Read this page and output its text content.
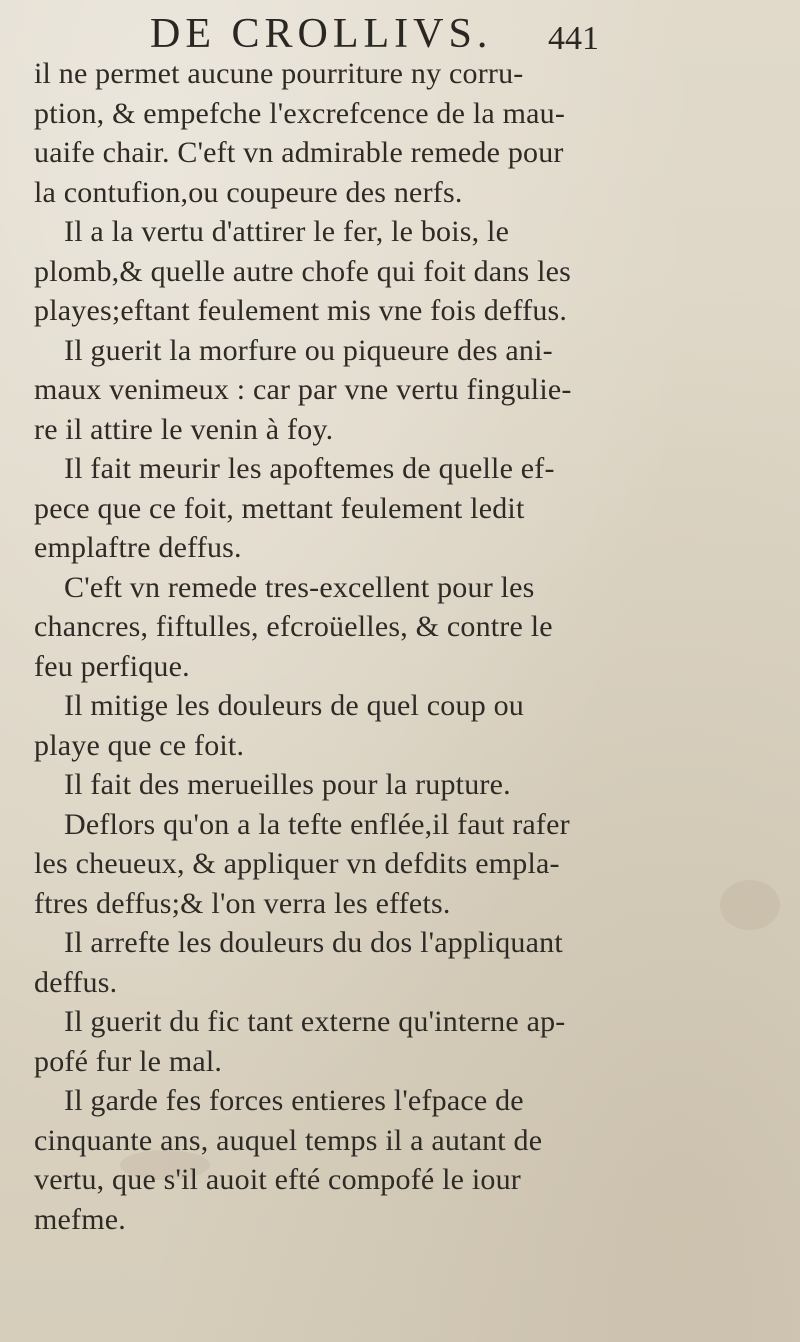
DE CROLLIVS. 441
il ne permet aucune pourriture ny corru-
ption, & empefche l'excrefcence de la mau-
uaife chair. C'eft vn admirable remede pour
la contufion,ou coupeure des nerfs.
Il a la vertu d'attirer le fer, le bois, le
plomb,& quelle autre chofe qui foit dans les
playes;eftant feulement mis vne fois deffus.
Il guerit la morfure ou piqueure des ani-
maux venimeux : car par vne vertu fingulie-
re il attire le venin à foy.
Il fait meurir les apoftemes de quelle ef-
pece que ce foit, mettant feulement ledit
emplaftre deffus.
C'eft vn remede tres-excellent pour les
chancres, fiftulles, efcroüelles, & contre le
feu perfique.
Il mitige les douleurs de quel coup ou
playe que ce foit.
Il fait des merueilles pour la rupture.
Deflors qu'on a la tefte enflée,il faut rafer
les cheueux, & appliquer vn defdits empla-
ftres deffus;& l'on verra les effets.
Il arrefte les douleurs du dos l'appliquant
deffus.
Il guerit du fic tant externe qu'interne ap-
pofé fur le mal.
Il garde fes forces entieres l'efpace de
cinquante ans, auquel temps il a autant de
vertu, que s'il auoit efté compofé le iour
mefme.
